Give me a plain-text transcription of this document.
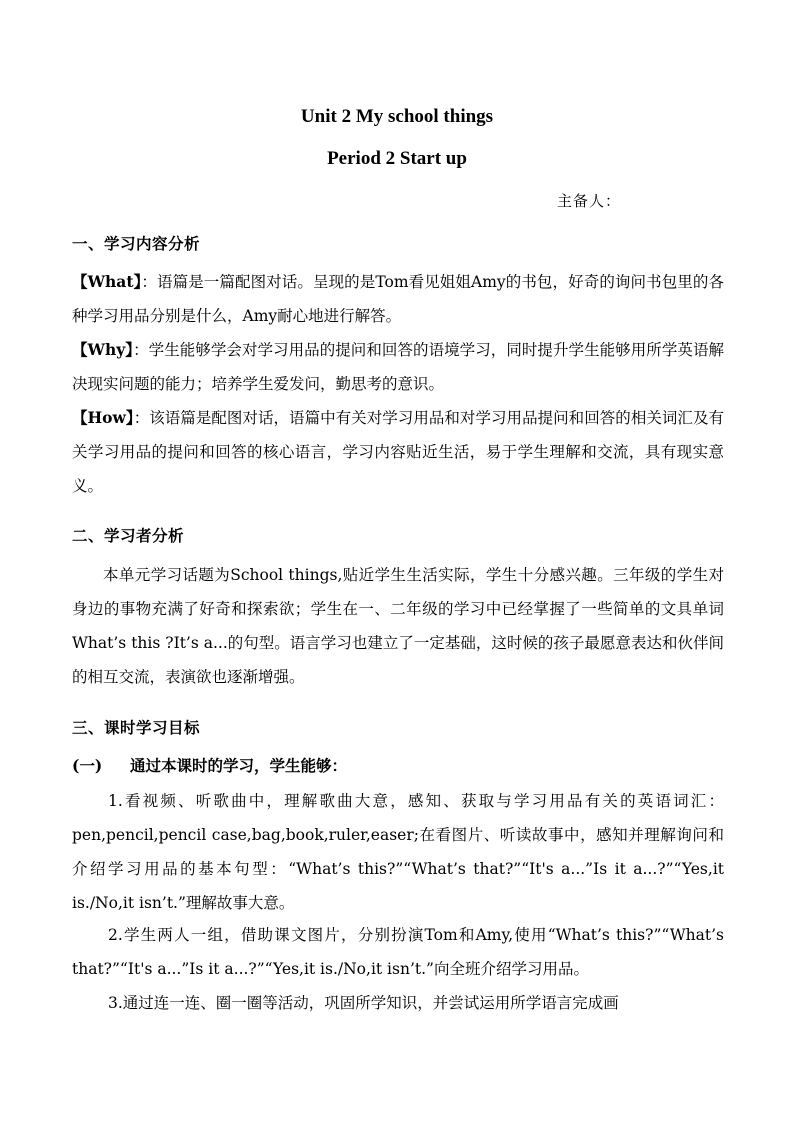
Unit 2 My school things
Period 2 Start up
主备人：
一、学习内容分析
【What】：语篇是一篇配图对话。呈现的是Tom看见姐姐Amy的书包，好奇的询问书包里的各种学习用品分别是什么，Amy耐心地进行解答。
【Why】：学生能够学会对学习用品的提问和回答的语境学习，同时提升学生能够用所学英语解决现实问题的能力；培养学生爱发问，勤思考的意识。
【How】：该语篇是配图对话，语篇中有关对学习用品和对学习用品提问和回答的相关词汇及有关学习用品的提问和回答的核心语言，学习内容贴近生活，易于学生理解和交流，具有现实意义。
二、学习者分析
本单元学习话题为School things,贴近学生生活实际，学生十分感兴趣。三年级的学生对身边的事物充满了好奇和探索欲；学生在一、二年级的学习中已经掌握了一些简单的文具单词What’s this ?It’s a...的句型。语言学习也建立了一定基础，这时候的孩子最愿意表达和伙伴间的相互交流，表演欲也逐渐增强。
三、课时学习目标
(一) 通过本课时的学习，学生能够：
1.看视频、听歌曲中，理解歌曲大意，感知、获取与学习用品有关的英语词汇：pen,pencil,pencil case,bag,book,ruler,easer;在看图片、听读故事中，感知并理解询问和介绍学习用品的基本句型：“What’s this?”“What’s that?”“It's a...”Is it a...?”“Yes,it is./No,it isn’t.”理解故事大意。
2.学生两人一组，借助课文图片，分别扮演Tom和Amy,使用“What’s this?”“What’s that?”“It's a...”Is it a...?”“Yes,it is./No,it isn’t.”向全班介绍学习用品。
3.通过连一连、圈一圈等活动，巩固所学知识，并尝试运用所学语言完成画
